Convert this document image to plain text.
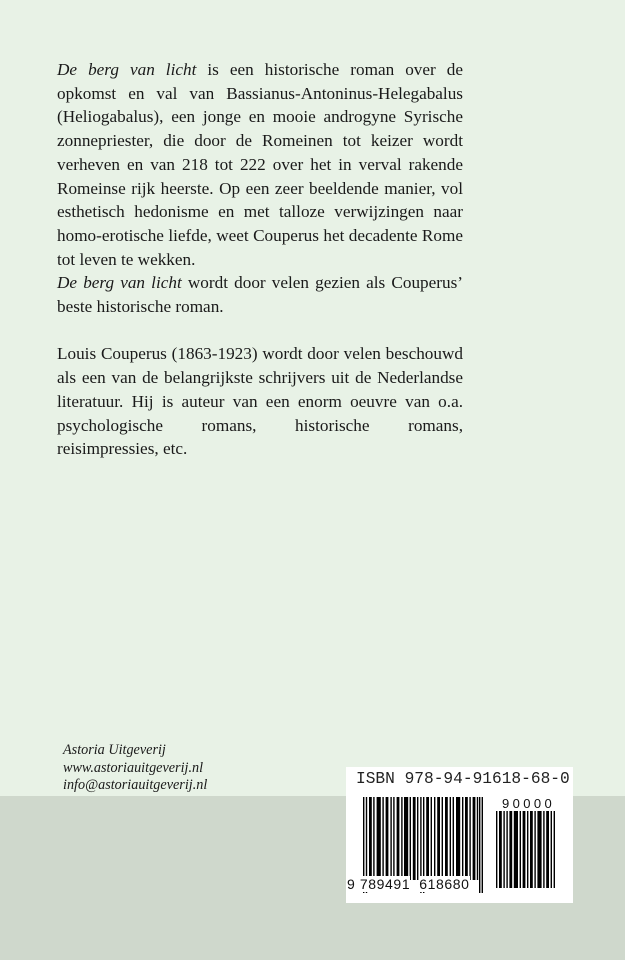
De berg van licht is een historische roman over de opkomst en val van Bassianus-Antoninus-Helegabalus (Heliogabalus), een jonge en mooie androgyne Syrische zonnepriester, die door de Romeinen tot keizer wordt verheven en van 218 tot 222 over het in verval rakende Romeinse rijk heerste. Op een zeer beeldende manier, vol esthetisch hedonisme en met talloze verwijzingen naar homo-erotische liefde, weet Couperus het decadente Rome tot leven te wekken.

De berg van licht wordt door velen gezien als Couperus’ beste historische roman.

Louis Couperus (1863-1923) wordt door velen beschouwd als een van de belangrijkste schrijvers uit de Nederlandse literatuur. Hij is auteur van een enorm oeuvre van o.a. psychologische romans, historische romans, reisimpressies, etc.

Astoria Uitgeverij
www.astoriauitgeverij.nl
info@astoriauitgeverij.nl	ISBN 978-94-91618-68-0
9 789491 618680
90000
